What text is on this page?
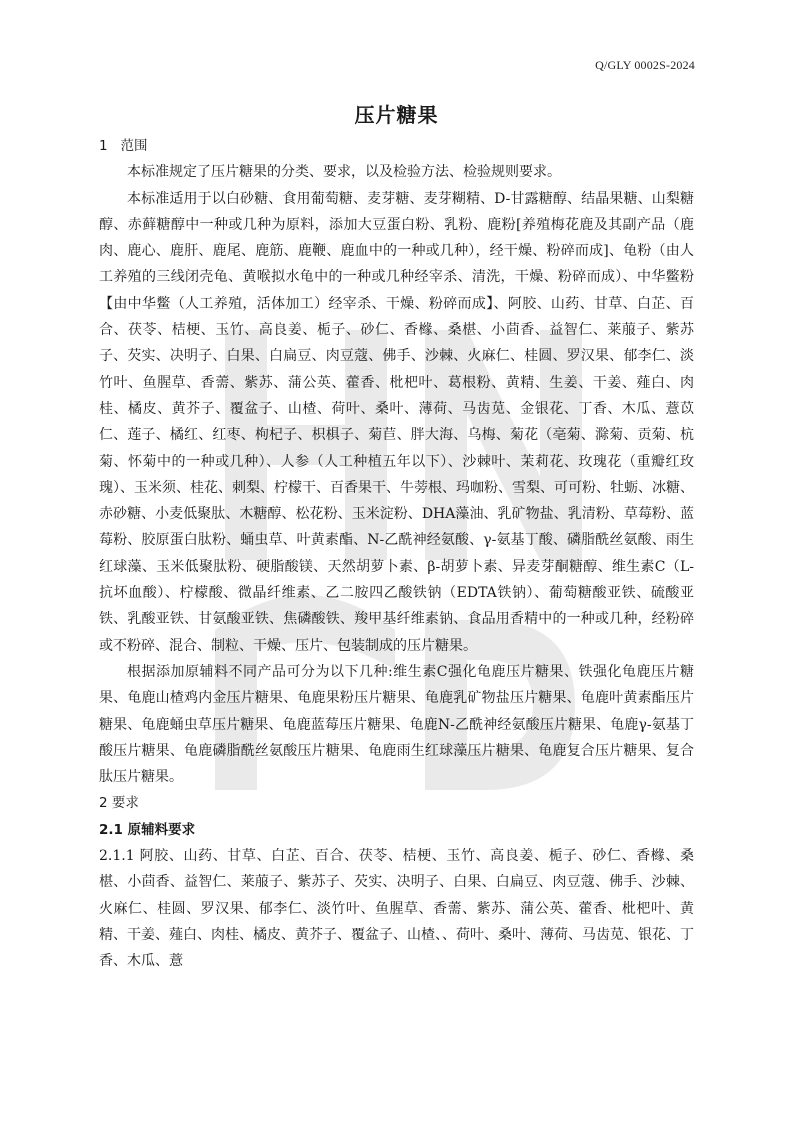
Q/GLY 0002S-2024
压片糖果

1   范围

本标准规定了压片糖果的分类、要求，以及检验方法、检验规则要求。

本标准适用于以白砂糖、食用葡萄糖、麦芽糖、麦芽糊精、D-甘露糖醇、结晶果糖、山梨糖醇、赤藓糖醇中一种或几种为原料，添加大豆蛋白粉、乳粉、鹿粉[养殖梅花鹿及其副产品（鹿肉、鹿心、鹿肝、鹿尾、鹿筋、鹿鞭、鹿血中的一种或几种），经干燥、粉碎而成]、龟粉（由人工养殖的三线闭壳龟、黄喉拟水龟中的一种或几种经宰杀、清洗，干燥、粉碎而成）、中华鳖粉【由中华鳖（人工养殖，活体加工）经宰杀、干燥、粉碎而成】、阿胶、山药、甘草、白芷、百合、茯苓、桔梗、玉竹、高良姜、栀子、砂仁、香橼、桑椹、小茴香、益智仁、莱菔子、紫苏子、芡实、决明子、白果、白扁豆、肉豆蔻、佛手、沙棘、火麻仁、桂圆、罗汉果、郁李仁、淡竹叶、鱼腥草、香薷、紫苏、蒲公英、藿香、枇杷叶、葛根粉、黄精、生姜、干姜、薤白、肉桂、橘皮、黄芥子、覆盆子、山楂、荷叶、桑叶、薄荷、马齿苋、金银花、丁香、木瓜、薏苡仁、莲子、橘红、红枣、枸杞子、枳椇子、菊苣、胖大海、乌梅、菊花（亳菊、滁菊、贡菊、杭菊、怀菊中的一种或几种）、人参（人工种植五年以下）、沙棘叶、茉莉花、玫瑰花（重瓣红玫瑰）、玉米须、桂花、刺梨、柠檬干、百香果干、牛蒡根、玛咖粉、雪梨、可可粉、牡蛎、冰糖、赤砂糖、小麦低聚肽、木糖醇、松花粉、玉米淀粉、DHA藻油、乳矿物盐、乳清粉、草莓粉、蓝莓粉、胶原蛋白肽粉、蛹虫草、叶黄素酯、N-乙酰神经氨酸、γ-氨基丁酸、磷脂酰丝氨酸、雨生红球藻、玉米低聚肽粉、硬脂酸镁、天然胡萝卜素、β-胡萝卜素、异麦芽酮糖醇、维生素C（L-抗坏血酸）、柠檬酸、微晶纤维素、乙二胺四乙酸铁钠（EDTA铁钠）、葡萄糖酸亚铁、硫酸亚铁、乳酸亚铁、甘氨酸亚铁、焦磷酸铁、羧甲基纤维素钠、食品用香精中的一种或几种，经粉碎或不粉碎、混合、制粒、干燥、压片、包装制成的压片糖果。

根据添加原辅料不同产品可分为以下几种:维生素C强化龟鹿压片糖果、铁强化龟鹿压片糖果、龟鹿山楂鸡内金压片糖果、龟鹿果粉压片糖果、龟鹿乳矿物盐压片糖果、龟鹿叶黄素酯压片糖果、龟鹿蛹虫草压片糖果、龟鹿蓝莓压片糖果、龟鹿N-乙酰神经氨酸压片糖果、龟鹿γ-氨基丁酸压片糖果、龟鹿磷脂酰丝氨酸压片糖果、龟鹿雨生红球藻压片糖果、龟鹿复合压片糖果、复合肽压片糖果。

2 要求

2.1 原辅料要求

2.1.1 阿胶、山药、甘草、白芷、百合、茯苓、桔梗、玉竹、高良姜、栀子、砂仁、香橼、桑椹、小茴香、益智仁、莱菔子、紫苏子、芡实、决明子、白果、白扁豆、肉豆蔻、佛手、沙棘、火麻仁、桂圆、罗汉果、郁李仁、淡竹叶、鱼腥草、香薷、紫苏、蒲公英、藿香、枇杷叶、黄精、干姜、薤白、肉桂、橘皮、黄芥子、覆盆子、山楂、、荷叶、桑叶、薄荷、马齿苋、银花、丁香、木瓜、薏
